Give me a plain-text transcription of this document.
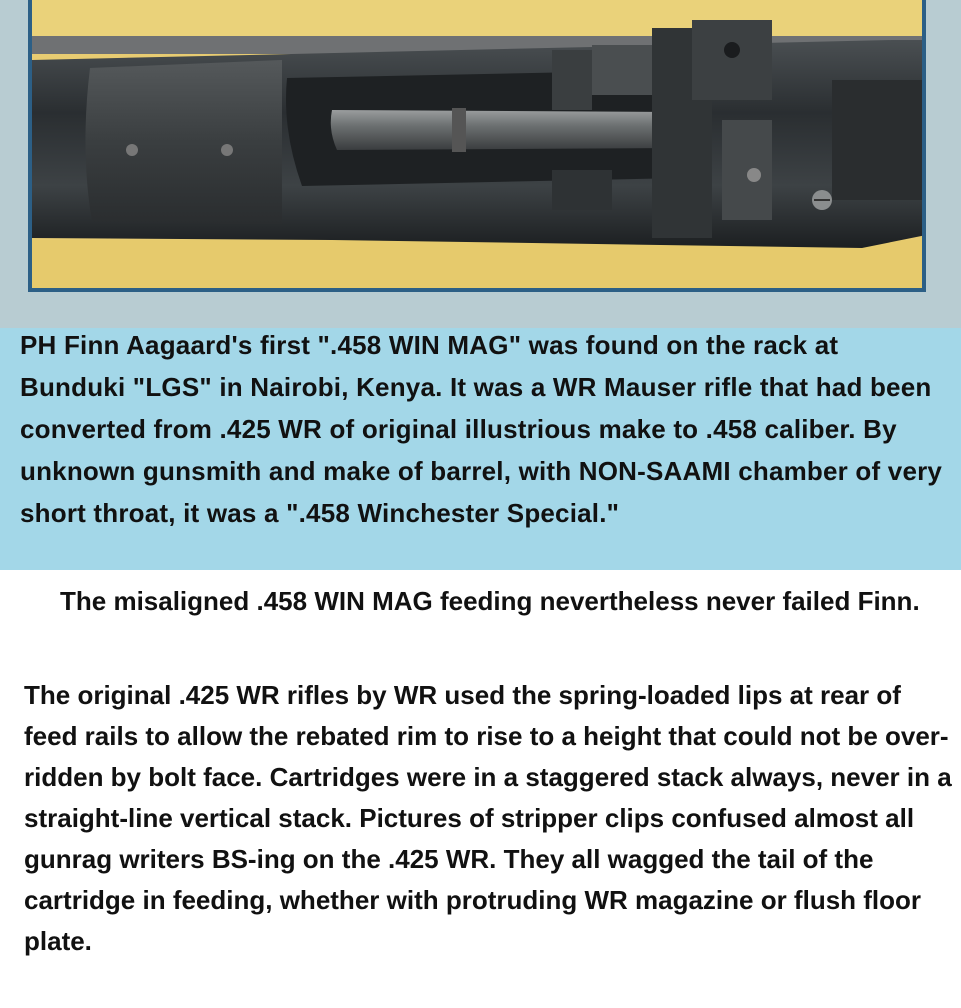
PH Finn Aagaard's first ".458 WIN MAG" was found on the rack at Bunduki "LGS" in Nairobi, Kenya. It was a WR Mauser rifle that had been converted from .425 WR of original illustrious make to .458 caliber. By unknown gunsmith and make of barrel, with NON-SAAMI chamber of very short throat, it was a ".458 Winchester Special."

The misaligned .458 WIN MAG feeding nevertheless never failed Finn.

The original .425 WR rifles by WR used the spring-loaded lips at rear of feed rails to allow the rebated rim to rise to a height that could not be over-ridden by bolt face. Cartridges were in a staggered stack always, never in a straight-line vertical stack. Pictures of stripper clips confused almost all gunrag writers BS-ing on the .425 WR. They all wagged the tail of the cartridge in feeding, whether with protruding WR magazine or flush floor plate.
